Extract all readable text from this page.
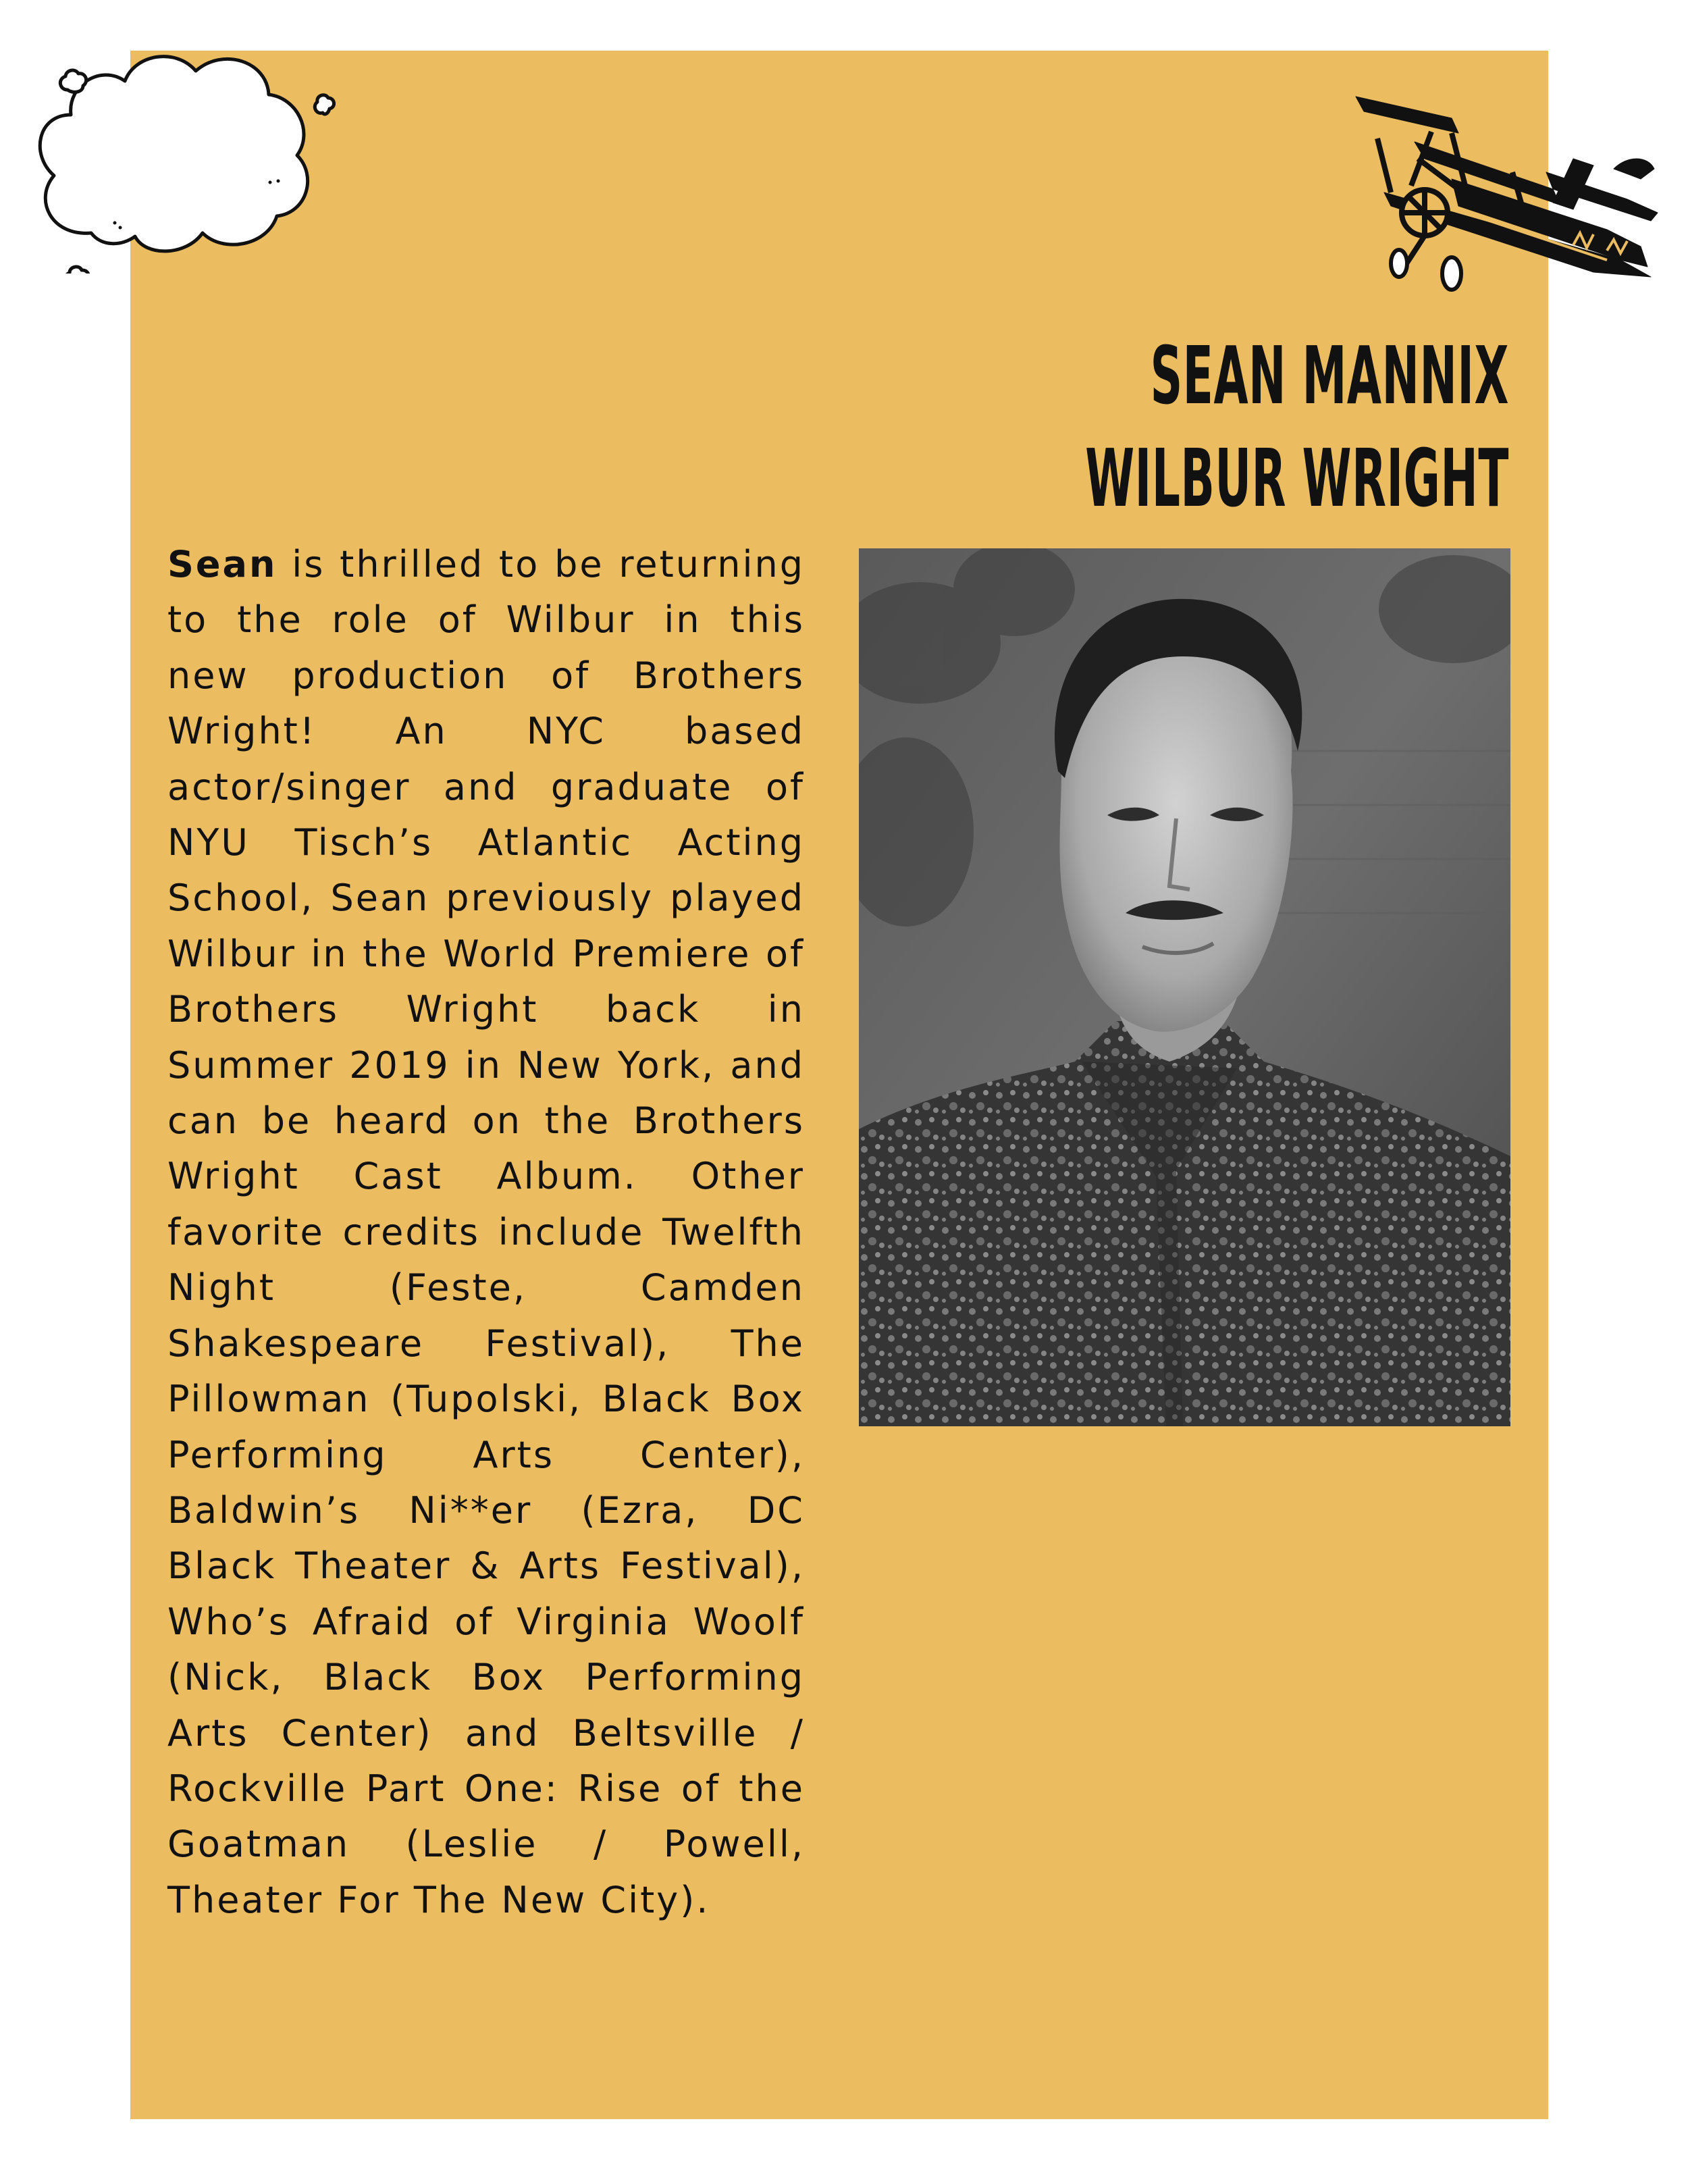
SEAN MANNIX
WILBUR WRIGHT

Sean is thrilled to be returning to the role of Wilbur in this new production of Brothers Wright! An NYC based actor/singer and graduate of NYU Tisch’s Atlantic Acting School, Sean previously played Wilbur in the World Premiere of Brothers Wright back in Summer 2019 in New York, and can be heard on the Brothers Wright Cast Album. Other favorite credits include Twelfth Night (Feste, Camden Shakespeare Festival), The Pillowman (Tupolski, Black Box Performing Arts Center), Baldwin’s Ni**er (Ezra, DC Black Theater & Arts Festival), Who’s Afraid of Virginia Woolf (Nick, Black Box Performing Arts Center) and Beltsville / Rockville Part One: Rise of the Goatman (Leslie / Powell, Theater For The New City).
